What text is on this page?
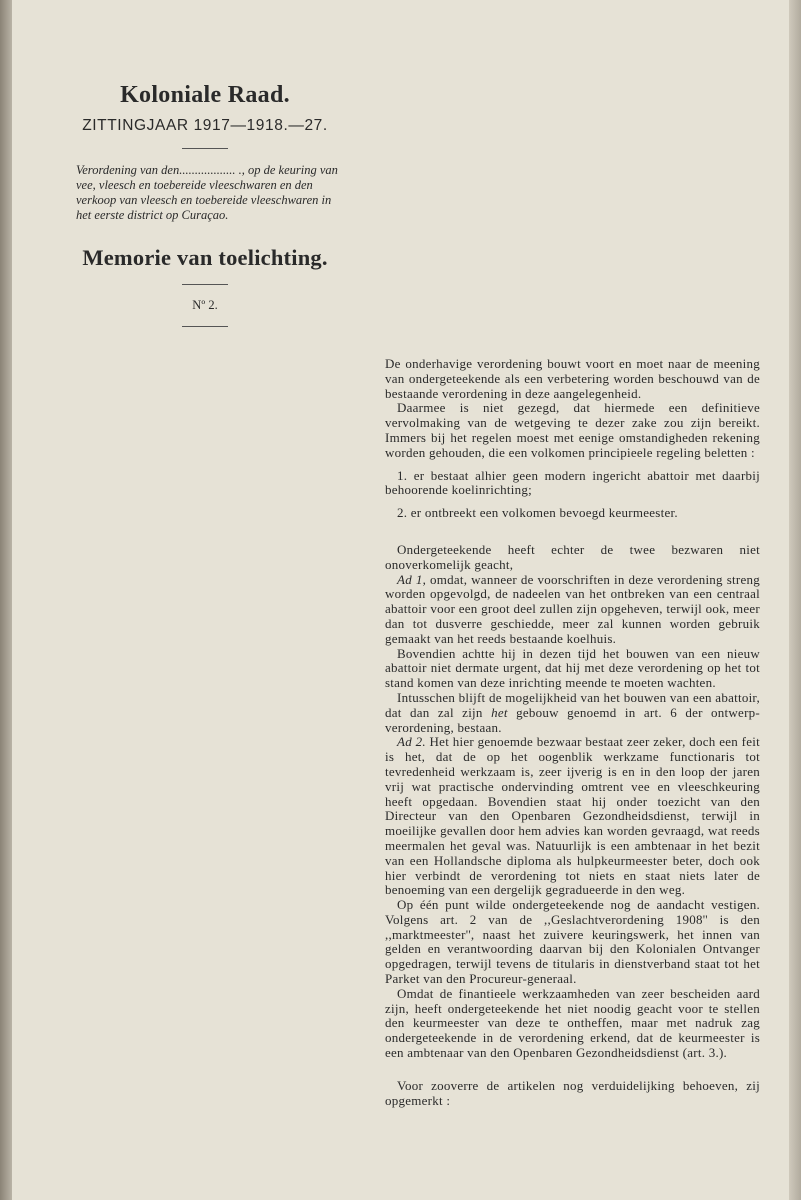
Koloniale Raad.
ZITTINGJAAR 1917—1918.—27.
Verordening van den.................. ., op de keuring van vee, vleesch en toebereide vleeschwaren en den verkoop van vleesch en toebereide vleeschwaren in het eerste district op Curaçao.
Memorie van toelichting.
Nº 2.

De onderhavige verordening bouwt voort en moet naar de meening van ondergeteekende als een verbetering worden beschouwd van de bestaande verordening in deze aangelegenheid.

Daarmee is niet gezegd, dat hiermede een definitieve vervolmaking van de wetgeving te dezer zake zou zijn bereikt. Immers bij het regelen moest met eenige omstandigheden rekening worden gehouden, die een volkomen principieele regeling beletten :

1. er bestaat alhier geen modern ingericht abattoir met daarbij behoorende koelinrichting;

2. er ontbreekt een volkomen bevoegd keurmeester.

Ondergeteekende heeft echter de twee bezwaren niet onoverkomelijk geacht,

Ad 1, omdat, wanneer de voorschriften in deze verordening streng worden opgevolgd, de nadeelen van het ontbreken van een centraal abattoir voor een groot deel zullen zijn opgeheven, terwijl ook, meer dan tot dusverre geschiedde, meer zal kunnen worden gebruik gemaakt van het reeds bestaande koelhuis.

Bovendien achtte hij in dezen tijd het bouwen van een nieuw abattoir niet dermate urgent, dat hij met deze verordening op het tot stand komen van deze inrichting meende te moeten wachten.

Intusschen blijft de mogelijkheid van het bouwen van een abattoir, dat dan zal zijn het gebouw genoemd in art. 6 der ontwerp-verordening, bestaan.

Ad 2. Het hier genoemde bezwaar bestaat zeer zeker, doch een feit is het, dat de op het oogenblik werkzame functionaris tot tevredenheid werkzaam is, zeer ijverig is en in den loop der jaren vrij wat practische ondervinding omtrent vee en vleeschkeuring heeft opgedaan. Bovendien staat hij onder toezicht van den Directeur van den Openbaren Gezondheidsdienst, terwijl in moeilijke gevallen door hem advies kan worden gevraagd, wat reeds meermalen het geval was. Natuurlijk is een ambtenaar in het bezit van een Hollandsche diploma als hulpkeurmeester beter, doch ook hier verbindt de verordening tot niets en staat niets later de benoeming van een dergelijk gegradueerde in den weg.

Op één punt wilde ondergeteekende nog de aandacht vestigen. Volgens art. 2 van de ,,Geslachtverordening 1908'' is den ,,marktmeester'', naast het zuivere keuringswerk, het innen van gelden en verantwoording daarvan bij den Kolonialen Ontvanger opgedragen, terwijl tevens de titularis in dienstverband staat tot het Parket van den Procureur-generaal.

Omdat de finantieele werkzaamheden van zeer bescheiden aard zijn, heeft ondergeteekende het niet noodig geacht voor te stellen den keurmeester van deze te ontheffen, maar met nadruk zag ondergeteekende in de verordening erkend, dat de keurmeester is een ambtenaar van den Openbaren Gezondheidsdienst (art. 3.).

Voor zooverre de artikelen nog verduidelijking behoeven, zij opgemerkt :
